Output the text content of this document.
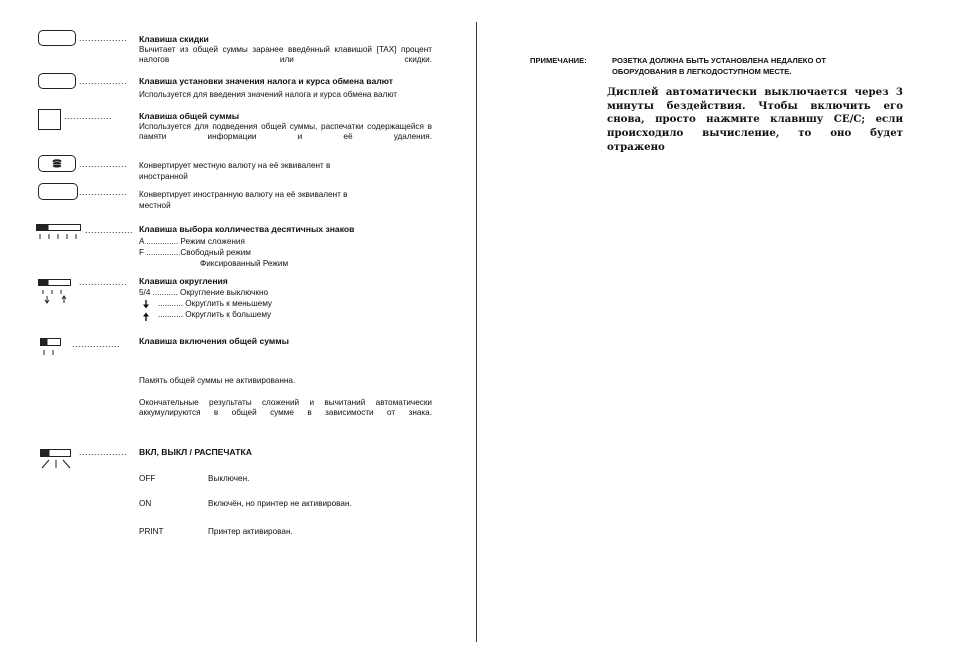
................ Клавиша скидки
Вычитает из общей суммы заранее введённый клавишой [TAX] процент налогов или скидки.
................ Клавиша установки значения налога и курса обмена валют
Используется для введения значений налога и курса обмена валют
................	Клавиша общей суммы
Используется для подведения общей суммы, распечатки содержащейся в памяти информации и её удаления.
................ Конвертирует местную валюту на её эквивалент в
иностранной
................ Конвертирует иностранную валюту на её эквивалент в
местной
................ Клавиша выбора колличества десятичных знаков
A .............. Режим сложения
F ...............Свободный режим
Фиксированный Режим
................ Клавиша округления
5/4 ........... Округление выключкно
........... Округлить к меньшему
........... Округлить к большему
................ Клавиша включения общей суммы
Память общей суммы не активированна.
Окончательные результаты сложений и вычитаний автоматически аккумулируются в общей сумме в зависимости от знака.
................ ВКЛ, ВЫКЛ / РАСПЕЧАТКА
OFF	Выключен.
ON	Включён, но принтер не активирован.
PRINT	Принтер активирован.
ПРИМЕЧАНИЕ:	РОЗЕТКА ДОЛЖНА БЫТЬ УСТАНОВЛЕНА НЕДАЛЕКО ОТ ОБОРУДОВАНИЯ В ЛЕГКОДОСТУПНОМ МЕСТЕ.
Дисплей автоматически выключается через 3 минуты бездействия. Чтобы включить его снова, просто нажмите клавишу CE/C; если происходило вычисление, то оно будет отражено
